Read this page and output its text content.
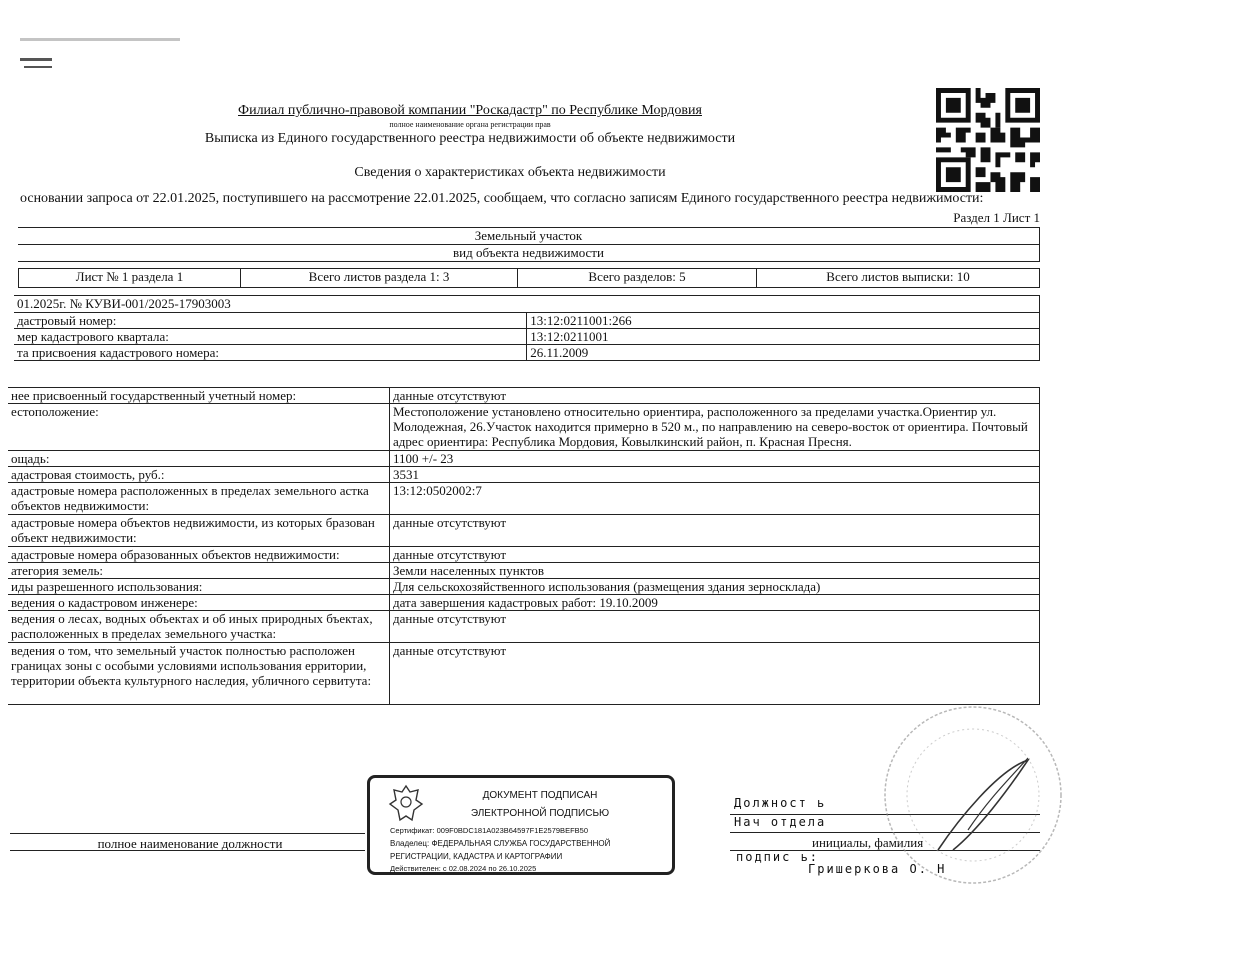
Филиал публично-правовой компании "Роскадастр" по Республике Мордовия
полное наименование органа регистрации прав
Выписка из Единого государственного реестра недвижимости об объекте недвижимости
Сведения о характеристиках объекта недвижимости
основании запроса от 22.01.2025, поступившего на рассмотрение 22.01.2025, сообщаем, что согласно записям Единого государственного реестра недвижимости:
Раздел 1 Лист 1
Земельный участок
вид объекта недвижимости
Лист № 1 раздела 1	Всего листов раздела 1: 3	Всего разделов: 5	Всего листов выписки: 10
01.2025г. № КУВИ-001/2025-17903003	
дастровый номер:	13:12:0211001:266
мер кадастрового квартала:	13:12:0211001
та присвоения кадастрового номера:	26.11.2009
нее присвоенный государственный учетный номер:	данные отсутствуют
естоположение:	Местоположение установлено относительно ориентира, расположенного за пределами участка.Ориентир ул. Молодежная, 26.Участок находится примерно в 520 м., по направлению на северо-восток от ориентира. Почтовый адрес ориентира: Республика Мордовия, Ковылкинский район, п. Красная Пресня.
ощадь:	1100 +/- 23
адастровая стоимость, руб.:	3531
адастровые номера расположенных в пределах земельного астка объектов недвижимости:	13:12:0502002:7
адастровые номера объектов недвижимости, из которых бразован объект недвижимости:	данные отсутствуют
адастровые номера образованных объектов недвижимости:	данные отсутствуют
атегория земель:	Земли населенных пунктов
иды разрешенного использования:	Для сельскохозяйственного использования (размещения здания зерносклада)
ведения о кадастровом инженере:	дата завершения кадастровых работ: 19.10.2009
ведения о лесах, водных объектах и об иных природных бъектах, расположенных в пределах земельного участка:	данные отсутствуют
ведения о том, что земельный участок полностью расположен границах зоны с особыми условиями использования ерритории, территории объекта культурного наследия, убличного сервитута:	данные отсутствуют
полное наименование должности
ДОКУМЕНТ ПОДПИСАН
ЭЛЕКТРОННОЙ ПОДПИСЬЮ
Сертификат: 009F0BDC181A023B64597F1E2579BEFB50
Владелец: ФЕДЕРАЛЬНАЯ СЛУЖБА ГОСУДАРСТВЕННОЙ
РЕГИСТРАЦИИ, КАДАСТРА И КАРТОГРАФИИ
Действителен: с 02.08.2024 по 26.10.2025
Должност ь
Нач отдела
инициалы, фамилия
подпис ь:
Гришеркова О. Н
